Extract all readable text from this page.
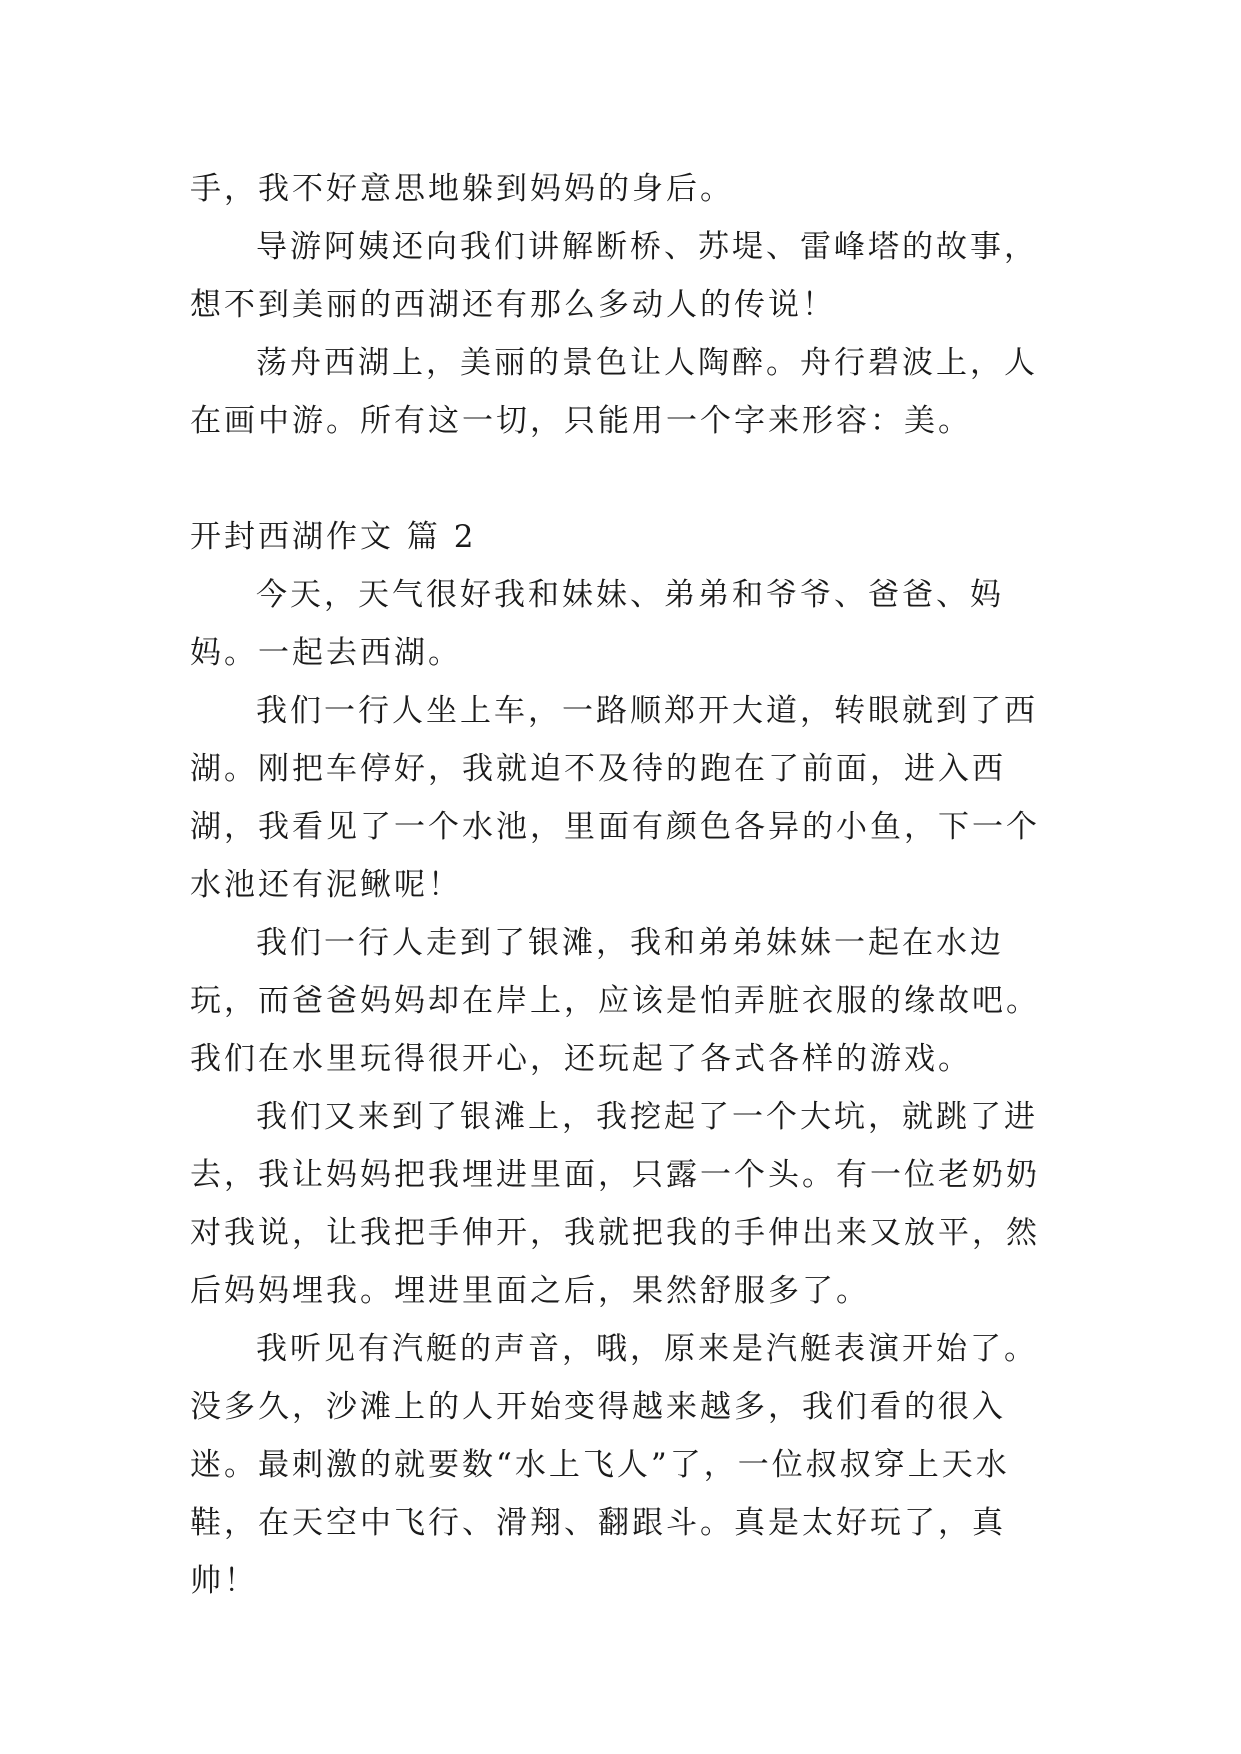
手，我不好意思地躲到妈妈的身后。

导游阿姨还向我们讲解断桥、苏堤、雷峰塔的故事，想不到美丽的西湖还有那么多动人的传说！

荡舟西湖上，美丽的景色让人陶醉。舟行碧波上，人在画中游。所有这一切，只能用一个字来形容：美。

开封西湖作文 篇 2

今天，天气很好我和妹妹、弟弟和爷爷、爸爸、妈妈。一起去西湖。

我们一行人坐上车，一路顺郑开大道，转眼就到了西湖。刚把车停好，我就迫不及待的跑在了前面，进入西湖，我看见了一个水池，里面有颜色各异的小鱼，下一个水池还有泥鳅呢！

我们一行人走到了银滩，我和弟弟妹妹一起在水边玩，而爸爸妈妈却在岸上，应该是怕弄脏衣服的缘故吧。我们在水里玩得很开心，还玩起了各式各样的游戏。

我们又来到了银滩上，我挖起了一个大坑，就跳了进去，我让妈妈把我埋进里面，只露一个头。有一位老奶奶对我说，让我把手伸开，我就把我的手伸出来又放平，然后妈妈埋我。埋进里面之后，果然舒服多了。

我听见有汽艇的声音，哦，原来是汽艇表演开始了。没多久，沙滩上的人开始变得越来越多，我们看的很入迷。最刺激的就要数“水上飞人”了，一位叔叔穿上天水鞋，在天空中飞行、滑翔、翻跟斗。真是太好玩了，真帅！
